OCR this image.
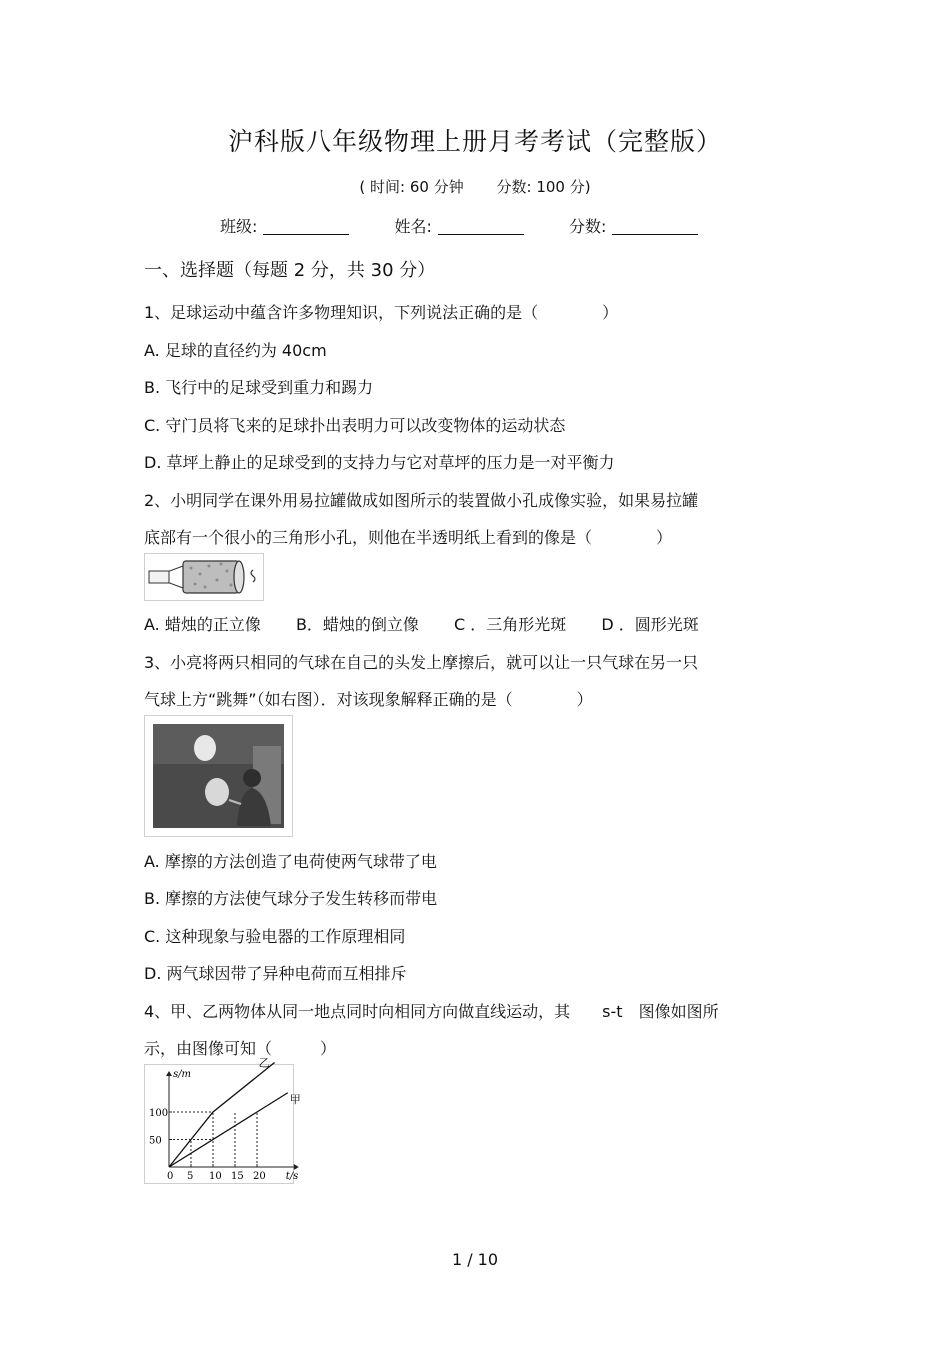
沪科版八年级物理上册月考考试（完整版）
( 时间: 60 分钟 分数: 100 分)
班级:	姓名:	分数:
一、选择题（每题 2 分，共 30 分）
1、足球运动中蕴含许多物理知识，下列说法正确的是（　　　　）
A. 足球的直径约为 40cm
B. 飞行中的足球受到重力和踢力
C. 守门员将飞来的足球扑出表明力可以改变物体的运动状态
D. 草坪上静止的足球受到的支持力与它对草坪的压力是一对平衡力
2、小明同学在课外用易拉罐做成如图所示的装置做小孔成像实验，如果易拉罐
底部有一个很小的三角形小孔，则他在半透明纸上看到的像是（　　　　）
A. 蜡烛的正立像 B．蜡烛的倒立像 C ．三角形光斑 D ．圆形光斑
3、小亮将两只相同的气球在自己的头发上摩擦后，就可以让一只气球在另一只
气球上方“跳舞”（如右图）．对该现象解释正确的是（　　　　）
A. 摩擦的方法创造了电荷使两气球带了电
B. 摩擦的方法使气球分子发生转移而带电
C. 这种现象与验电器的工作原理相同
D. 两气球因带了异种电荷而互相排斥
4、甲、乙两物体从同一地点同时向相同方向做直线运动，其　　s-t　图像如图所
示，由图像可知（　　　）
s/m
t/s
0 5 10 15 20
50
100
乙
甲
1 / 10
